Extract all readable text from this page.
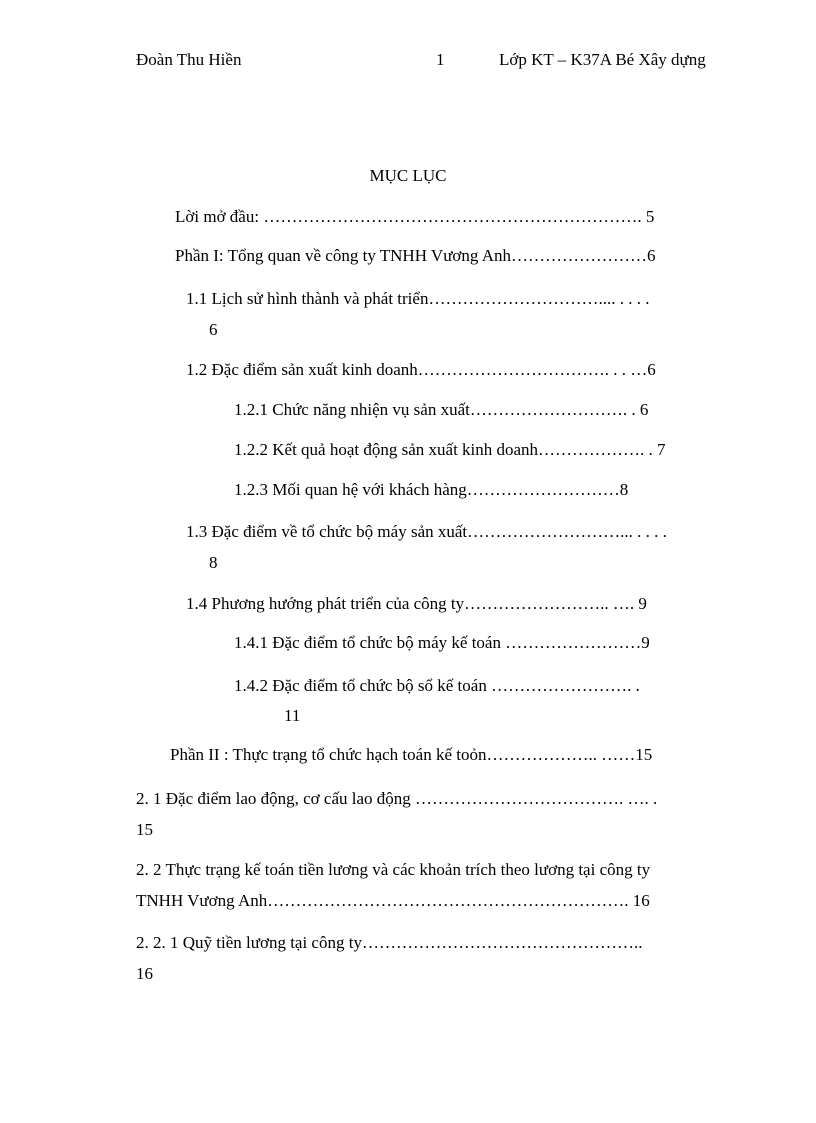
Đoàn Thu Hiền	1	Lớp KT – K37A Bé Xây dựng
MỤC LỤC
Lời mở đầu: …………………………………………………………. 5
Phần I: Tổng quan về công ty TNHH Vương Anh……………………6
1.1 Lịch sử hình thành và phát triển………………………….... . . . .
6
1.2 Đặc điểm sản xuất kinh doanh……………………………. . . …6
1.2.1 Chức năng nhiện vụ sản xuất………………………. . 6
1.2.2 Kết quả hoạt động sản xuất kinh doanh………………. . 7
1.2.3 Mối quan hệ với khách hàng………………………8
1.3 Đặc điểm về tổ chức bộ máy sản xuất………………………... . . . .
8
1.4 Phương hướng phát triển của công ty…………………….. …. 9
1.4.1 Đặc điểm tổ chức bộ máy kế toán ……………………9
1.4.2 Đặc điểm tổ chức bộ sổ kế toán ……………………. .
11
Phần II : Thực trạng tổ chức hạch toán kế toỏn……………….. ……15
2. 1 Đặc điểm lao động, cơ cấu lao động ………………………………. …. .
15
2. 2 Thực trạng kế toán tiền lương và các khoản trích theo lương tại công ty
TNHH Vương Anh………………………………………………………. 16
2. 2. 1 Quỹ tiền lương tại công ty…………………………………………..
16
